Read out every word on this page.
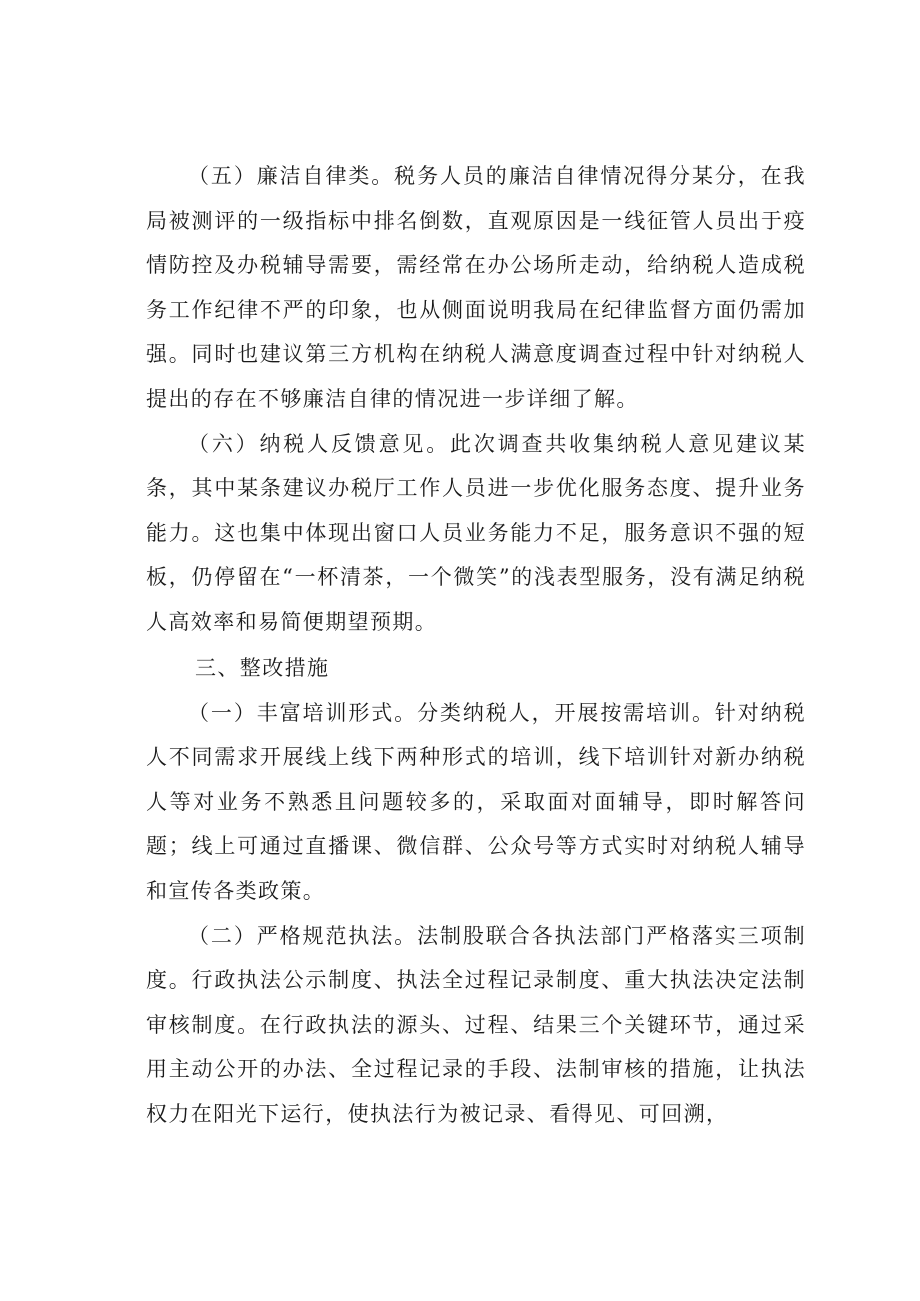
（五）廉洁自律类。税务人员的廉洁自律情况得分某分，在我局被测评的一级指标中排名倒数，直观原因是一线征管人员出于疫情防控及办税辅导需要，需经常在办公场所走动，给纳税人造成税务工作纪律不严的印象，也从侧面说明我局在纪律监督方面仍需加强。同时也建议第三方机构在纳税人满意度调查过程中针对纳税人提出的存在不够廉洁自律的情况进一步详细了解。

（六）纳税人反馈意见。此次调查共收集纳税人意见建议某条，其中某条建议办税厅工作人员进一步优化服务态度、提升业务能力。这也集中体现出窗口人员业务能力不足，服务意识不强的短板，仍停留在“一杯清茶，一个微笑”的浅表型服务，没有满足纳税人高效率和易简便期望预期。

三、整改措施

（一）丰富培训形式。分类纳税人，开展按需培训。针对纳税人不同需求开展线上线下两种形式的培训，线下培训针对新办纳税人等对业务不熟悉且问题较多的，采取面对面辅导，即时解答问题；线上可通过直播课、微信群、公众号等方式实时对纳税人辅导和宣传各类政策。

（二）严格规范执法。法制股联合各执法部门严格落实三项制度。行政执法公示制度、执法全过程记录制度、重大执法决定法制审核制度。在行政执法的源头、过程、结果三个关键环节，通过采用主动公开的办法、全过程记录的手段、法制审核的措施，让执法权力在阳光下运行，使执法行为被记录、看得见、可回溯，
